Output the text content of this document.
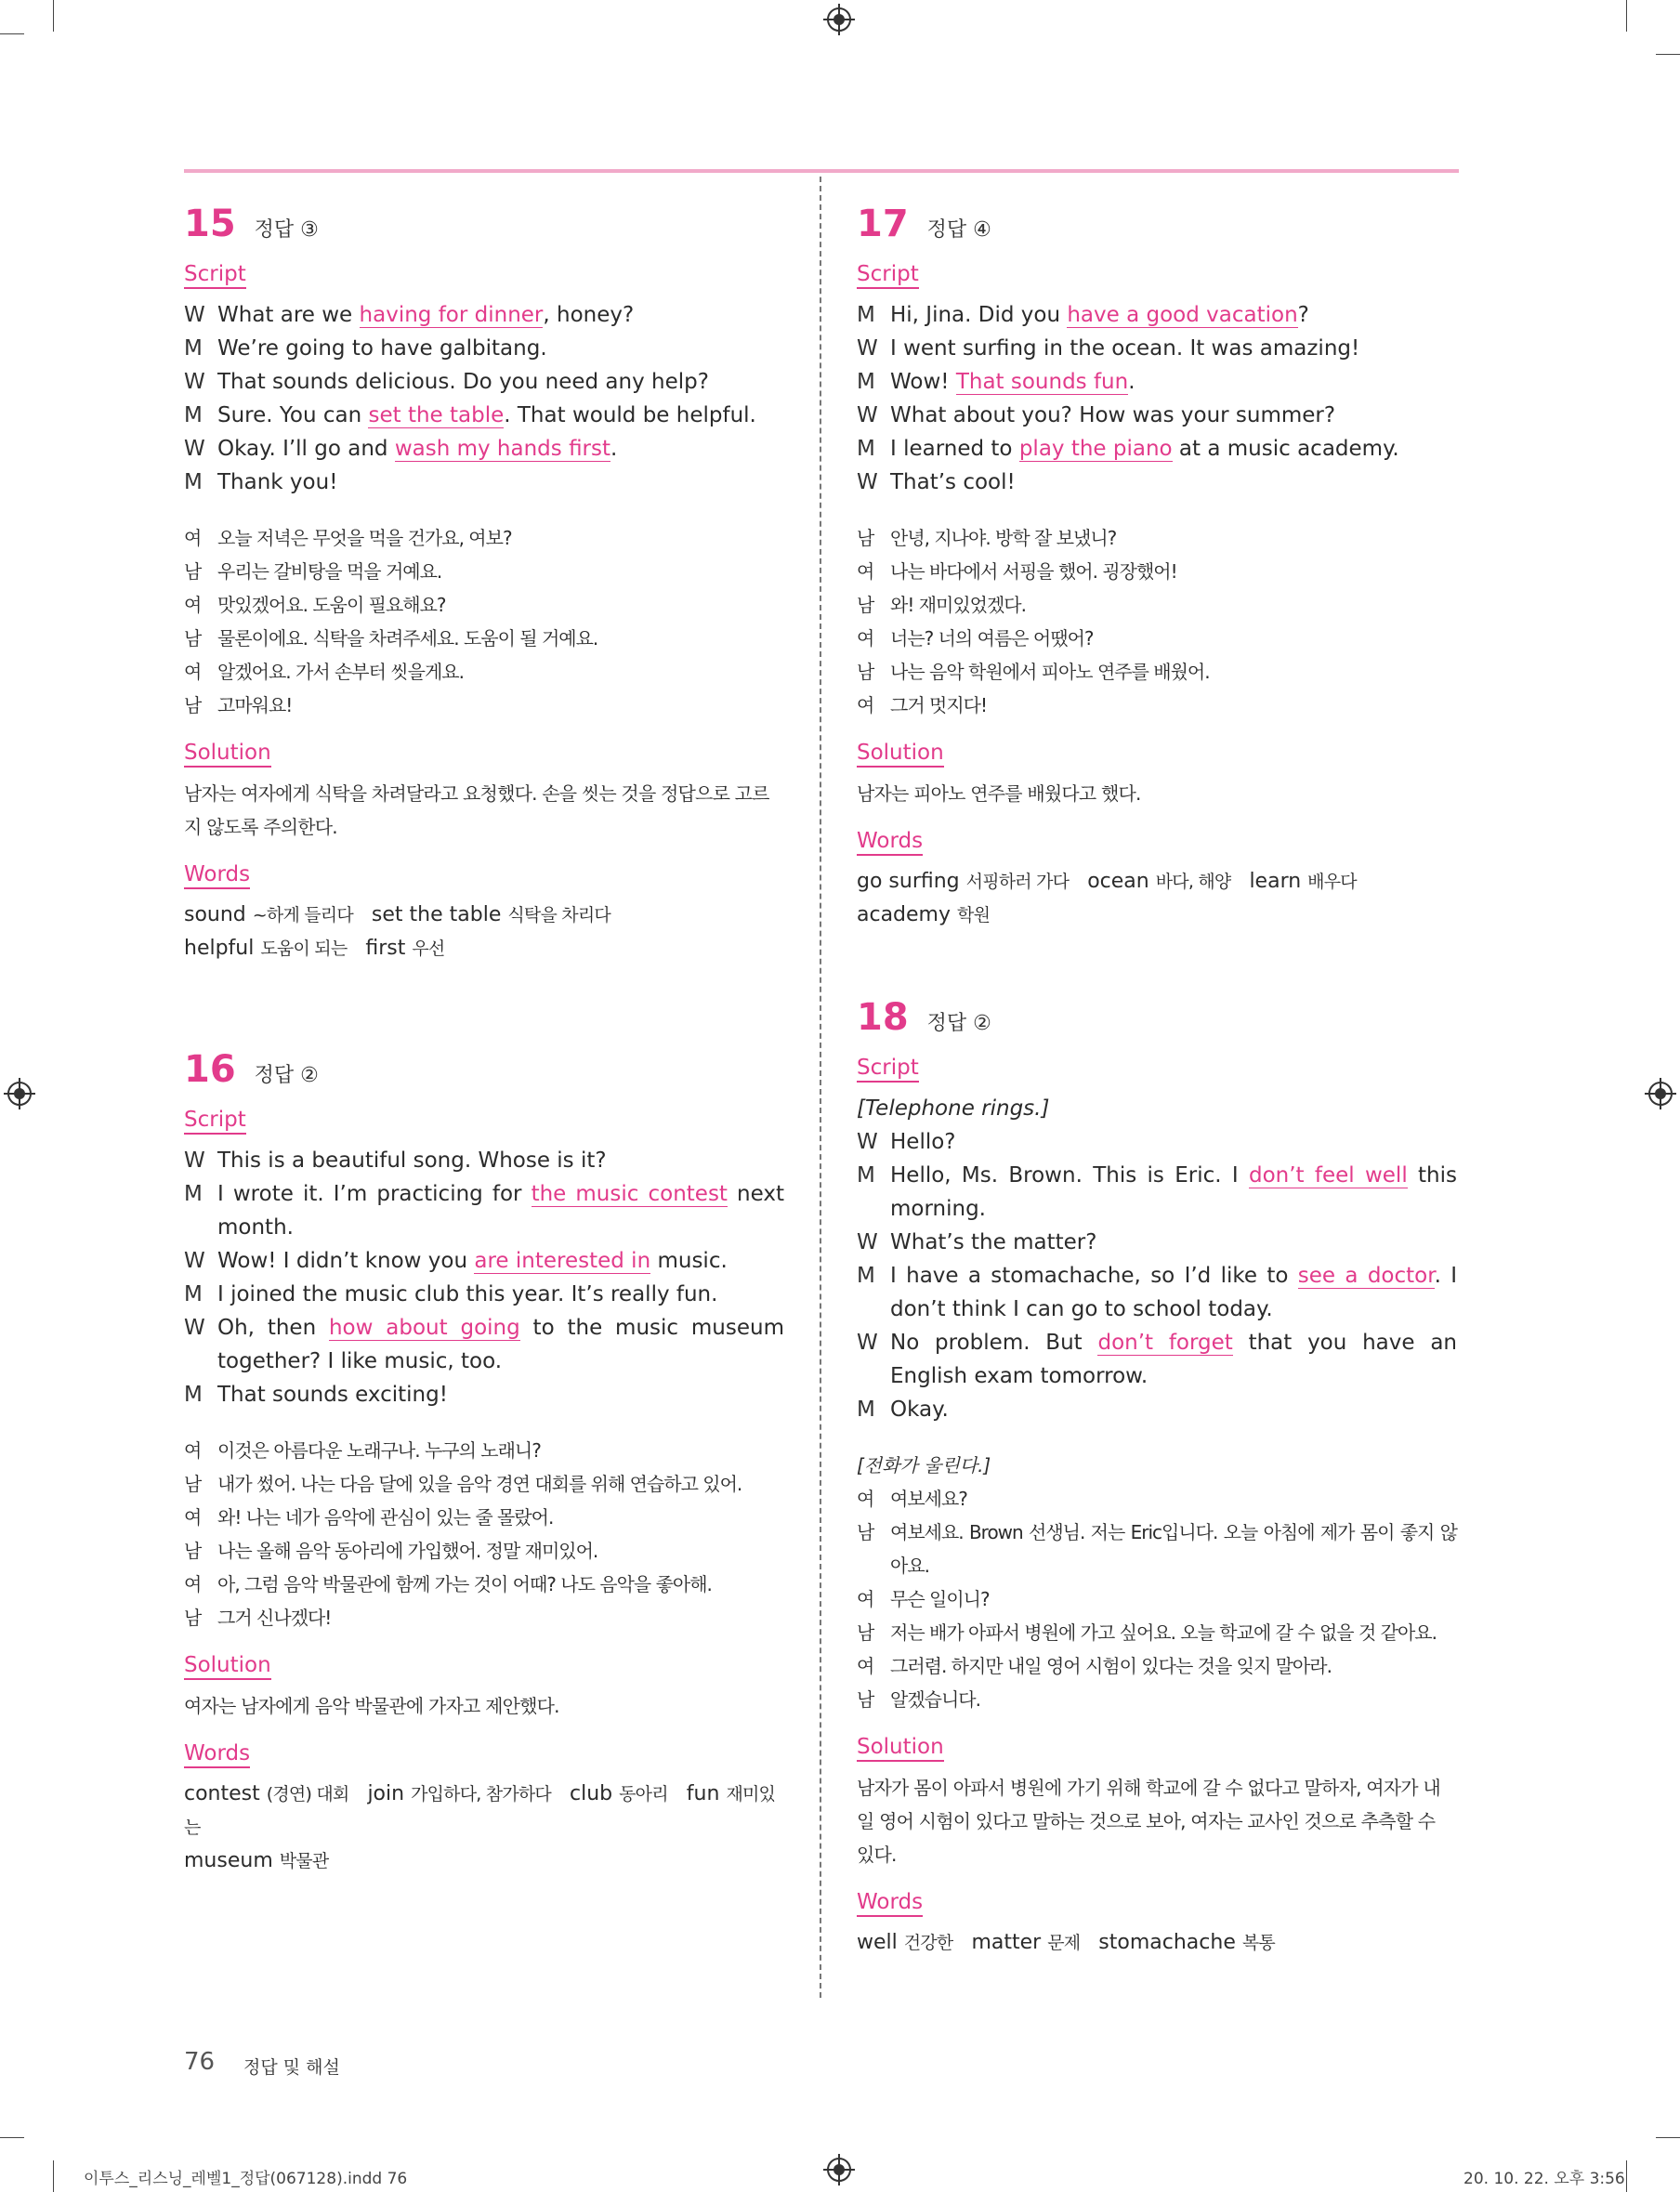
15 정답 ③
Script
W What are we having for dinner, honey?
M We’re going to have galbitang.
W That sounds delicious. Do you need any help?
M Sure. You can set the table. That would be helpful.
W Okay. I’ll go and wash my hands first.
M Thank you!
여 오늘 저녁은 무엇을 먹을 건가요, 여보?
남 우리는 갈비탕을 먹을 거예요.
여 맛있겠어요. 도움이 필요해요?
남 물론이에요. 식탁을 차려주세요. 도움이 될 거예요.
여 알겠어요. 가서 손부터 씻을게요.
남 고마워요!
Solution
남자는 여자에게 식탁을 차려달라고 요청했다. 손을 씻는 것을 정답으로 고르지 않도록 주의한다.
Words
sound ~하게 들리다 set the table 식탁을 차리다
helpful 도움이 되는 first 우선
16 정답 ②
Script
W This is a beautiful song. Whose is it?
M I wrote it. I’m practicing for the music contest next month.
W Wow! I didn’t know you are interested in music.
M I joined the music club this year. It’s really fun.
W Oh, then how about going to the music museum together? I like music, too.
M That sounds exciting!
여 이것은 아름다운 노래구나. 누구의 노래니?
남 내가 썼어. 나는 다음 달에 있을 음악 경연 대회를 위해 연습하고 있어.
여 와! 나는 네가 음악에 관심이 있는 줄 몰랐어.
남 나는 올해 음악 동아리에 가입했어. 정말 재미있어.
여 아, 그럼 음악 박물관에 함께 가는 것이 어때? 나도 음악을 좋아해.
남 그거 신나겠다!
Solution
여자는 남자에게 음악 박물관에 가자고 제안했다.
Words
contest (경연) 대회 join 가입하다, 참가하다 club 동아리 fun 재미있는
museum 박물관
17 정답 ④
Script
M Hi, Jina. Did you have a good vacation?
W I went surfing in the ocean. It was amazing!
M Wow! That sounds fun.
W What about you? How was your summer?
M I learned to play the piano at a music academy.
W That’s cool!
남 안녕, 지나야. 방학 잘 보냈니?
여 나는 바다에서 서핑을 했어. 굉장했어!
남 와! 재미있었겠다.
여 너는? 너의 여름은 어땠어?
남 나는 음악 학원에서 피아노 연주를 배웠어.
여 그거 멋지다!
Solution
남자는 피아노 연주를 배웠다고 했다.
Words
go surfing 서핑하러 가다 ocean 바다, 해양 learn 배우다
academy 학원
18 정답 ②
Script
[Telephone rings.]
W Hello?
M Hello, Ms. Brown. This is Eric. I don’t feel well this morning.
W What’s the matter?
M I have a stomachache, so I’d like to see a doctor. I don’t think I can go to school today.
W No problem. But don’t forget that you have an English exam tomorrow.
M Okay.
[전화가 울린다.]
여 여보세요?
남 여보세요. Brown 선생님. 저는 Eric입니다. 오늘 아침에 제가 몸이 좋지 않아요.
여 무슨 일이니?
남 저는 배가 아파서 병원에 가고 싶어요. 오늘 학교에 갈 수 없을 것 같아요.
여 그러렴. 하지만 내일 영어 시험이 있다는 것을 잊지 말아라.
남 알겠습니다.
Solution
남자가 몸이 아파서 병원에 가기 위해 학교에 갈 수 없다고 말하자, 여자가 내일 영어 시험이 있다고 말하는 것으로 보아, 여자는 교사인 것으로 추측할 수 있다.
Words
well 건강한 matter 문제 stomachache 복통
76 정답 및 해설
이투스_리스닝_레벨1_정답(067128).indd 76	20. 10. 22. 오후 3:56
